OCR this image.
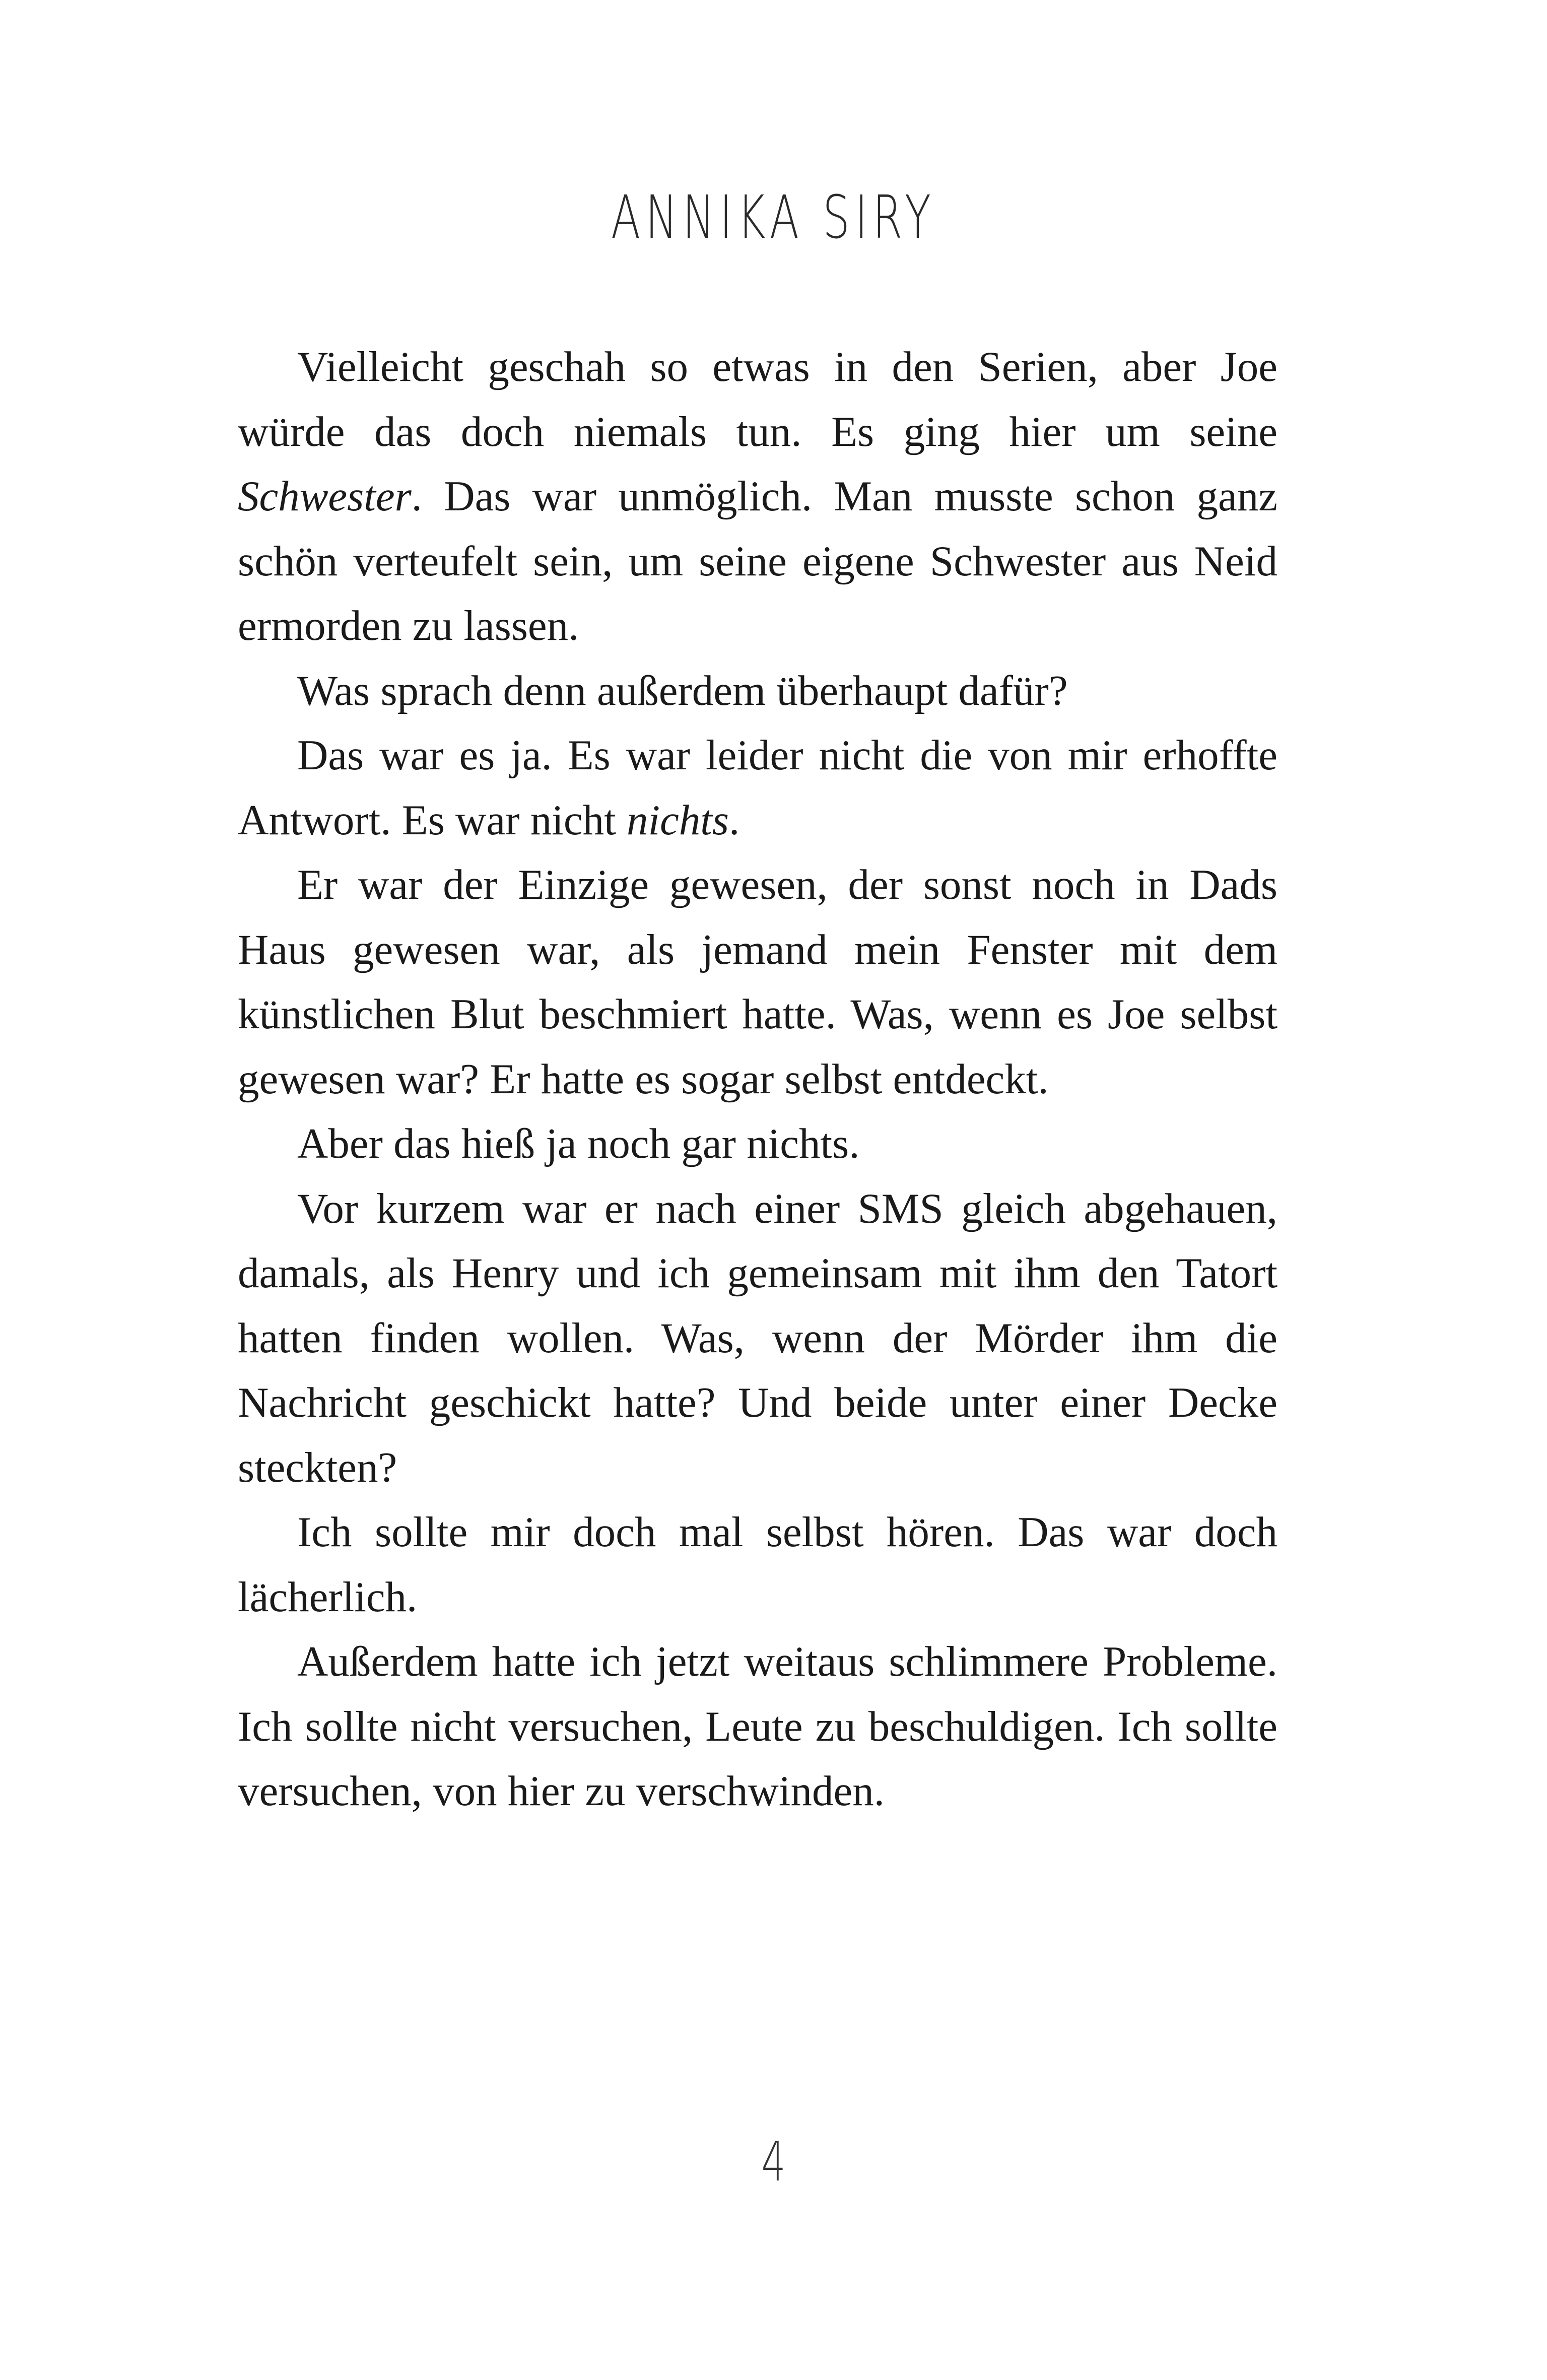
ANNIKA SIRY

Vielleicht geschah so etwas in den Serien, aber Joe würde das doch niemals tun. Es ging hier um seine Schwester. Das war unmöglich. Man musste schon ganz schön verteufelt sein, um seine eigene Schwester aus Neid ermorden zu lassen.

Was sprach denn außerdem überhaupt dafür?

Das war es ja. Es war leider nicht die von mir erhoffte Antwort. Es war nicht nichts.

Er war der Einzige gewesen, der sonst noch in Dads Haus gewesen war, als jemand mein Fenster mit dem künstlichen Blut beschmiert hatte. Was, wenn es Joe selbst gewesen war? Er hatte es sogar selbst entdeckt.

Aber das hieß ja noch gar nichts.

Vor kurzem war er nach einer SMS gleich abgehauen, damals, als Henry und ich gemeinsam mit ihm den Tatort hatten finden wollen. Was, wenn der Mörder ihm die Nachricht geschickt hatte? Und beide unter einer Decke steckten?

Ich sollte mir doch mal selbst hören. Das war doch lächerlich.

Außerdem hatte ich jetzt weitaus schlimmere Probleme. Ich sollte nicht versuchen, Leute zu beschuldigen. Ich sollte versuchen, von hier zu verschwinden.

4
